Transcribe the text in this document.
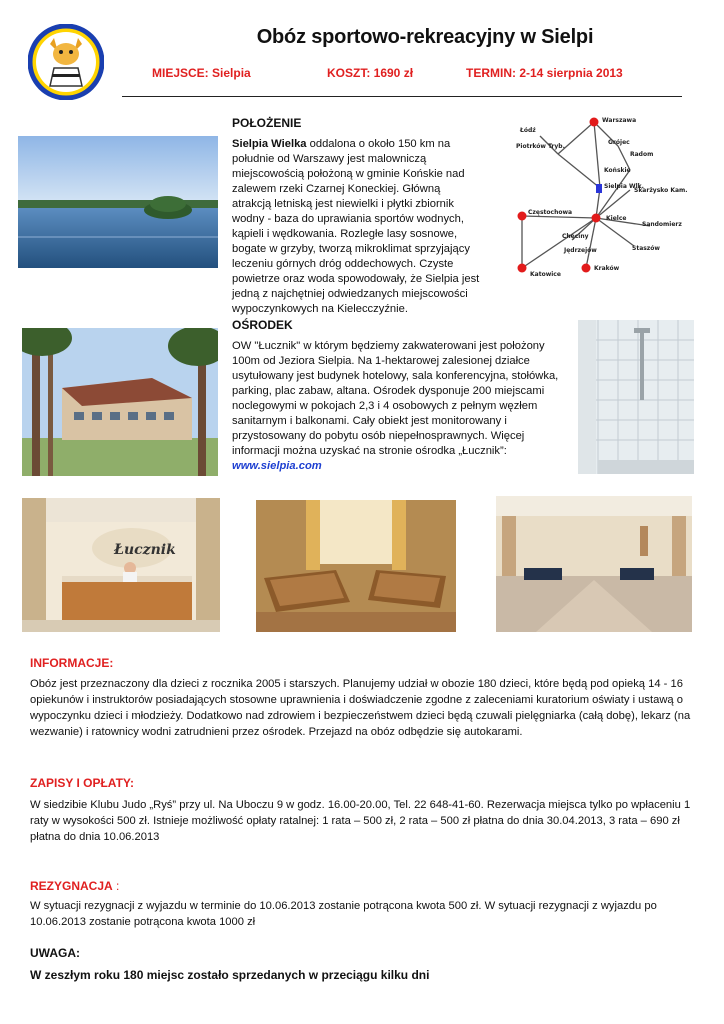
Obóz sportowo-rekreacyjny w Sielpi
MIEJSCE: Sielpia	KOSZT: 1690 zł	TERMIN: 2-14 sierpnia 2013
POŁOŻENIE
Sielpia Wielka oddalona o około 150 km na południe od Warszawy jest malowniczą miejscowością położoną w gminie Końskie nad zalewem rzeki Czarnej Koneckiej. Główną atrakcją letniską jest niewielki i płytki zbiornik wodny - baza do uprawiania sportów wodnych, kąpieli i wędkowania. Rozległe lasy sosnowe, bogate w grzyby, tworzą mikroklimat sprzyjający leczeniu górnych dróg oddechowych. Czyste powietrze oraz woda spowodowały, że Sielpia jest jedną z najchętniej odwiedzanych miejscowości wypoczynkowych na Kielecczyźnie.
Warszawa
Łódź
Piotrków Tryb.
Grójec
Radom
Końskie
Sielpia Wlk.
Skarżysko Kam.
Częstochowa
Kielce
Sandomierz
Chęciny
Staszów
Jędrzejów
Kraków
Katowice
OŚRODEK
OW "Łucznik" w którym będziemy zakwaterowani jest położony 100m od Jeziora Sielpia. Na 1-hektarowej zalesionej działce usytułowany jest budynek hotelowy, sala konferencyjna, stołówka, parking, plac zabaw, altana. Ośrodek dysponuje 200 miejscami noclegowymi w pokojach 2,3 i 4 osobowych z pełnym węzłem sanitarnym i balkonami. Cały obiekt jest monitorowany i przystosowany do pobytu osób niepełnosprawnych. Więcej informacji można uzyskać na stronie ośrodka „Łucznik”: www.sielpia.com
Łucznik
INFORMACJE:
Obóz jest przeznaczony dla dzieci z rocznika 2005 i starszych. Planujemy udział w obozie 180 dzieci, które będą pod opieką 14 - 16 opiekunów i instruktorów posiadających stosowne uprawnienia i doświadczenie zgodne z zaleceniami kuratorium oświaty i ustawą o wypoczynku dzieci i młodzieży. Dodatkowo nad zdrowiem i bezpieczeństwem dzieci będą czuwali pielęgniarka (całą dobę), lekarz (na wezwanie) i ratownicy wodni zatrudnieni przez ośrodek. Przejazd na obóz odbędzie się autokarami.
ZAPISY I OPŁATY:
W siedzibie Klubu Judo „Ryś” przy ul. Na Uboczu 9 w godz. 16.00-20.00, Tel. 22 648-41-60. Rezerwacja miejsca tylko po wpłaceniu 1 raty w wysokości 500 zł. Istnieje możliwość opłaty ratalnej: 1 rata – 500 zł, 2 rata – 500 zł płatna do dnia 30.04.2013, 3 rata – 690 zł płatna do dnia 10.06.2013
REZYGNACJA :
W sytuacji rezygnacji z wyjazdu w terminie do 10.06.2013 zostanie potrącona kwota 500 zł. W sytuacji rezygnacji z wyjazdu po 10.06.2013 zostanie potrącona kwota 1000 zł
UWAGA:
W zeszłym roku 180 miejsc zostało sprzedanych w przeciągu kilku dni
